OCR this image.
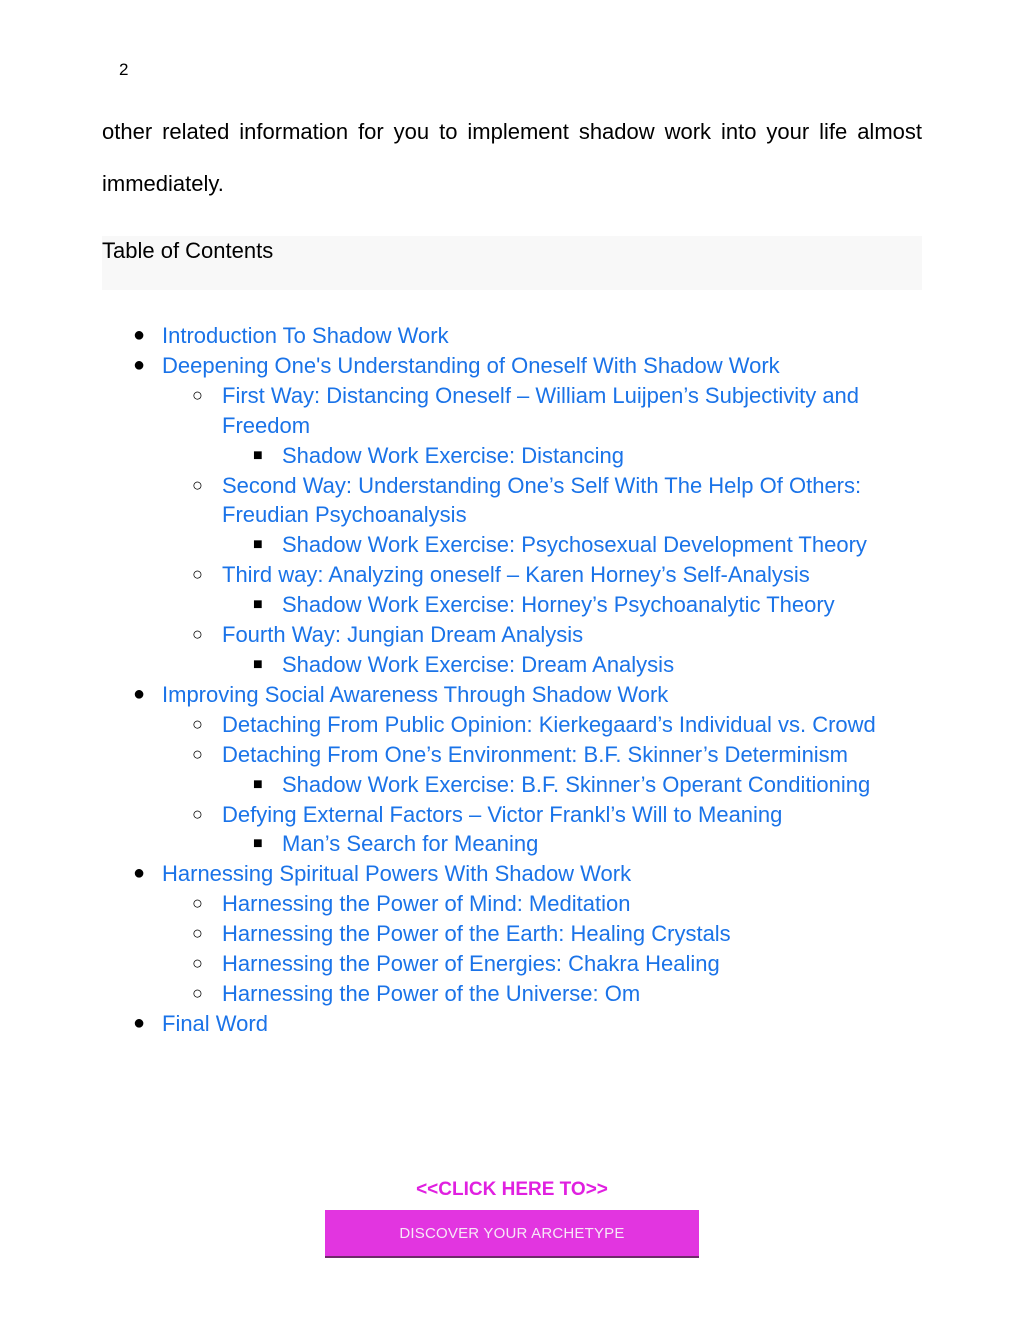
2

other related information for you to implement shadow work into your life almost immediately.

Table of Contents
● Introduction To Shadow Work
● Deepening One's Understanding of Oneself With Shadow Work
○ First Way: Distancing Oneself – William Luijpen’s Subjectivity and Freedom
■ Shadow Work Exercise: Distancing
○ Second Way: Understanding One’s Self With The Help Of Others: Freudian Psychoanalysis
■ Shadow Work Exercise: Psychosexual Development Theory
○ Third way: Analyzing oneself – Karen Horney’s Self-Analysis
■ Shadow Work Exercise: Horney’s Psychoanalytic Theory
○ Fourth Way: Jungian Dream Analysis
■ Shadow Work Exercise: Dream Analysis
● Improving Social Awareness Through Shadow Work
○ Detaching From Public Opinion: Kierkegaard’s Individual vs. Crowd
○ Detaching From One’s Environment: B.F. Skinner’s Determinism
■ Shadow Work Exercise: B.F. Skinner’s Operant Conditioning
○ Defying External Factors – Victor Frankl’s Will to Meaning
■ Man’s Search for Meaning
● Harnessing Spiritual Powers With Shadow Work
○ Harnessing the Power of Mind: Meditation
○ Harnessing the Power of the Earth: Healing Crystals
○ Harnessing the Power of Energies: Chakra Healing
○ Harnessing the Power of the Universe: Om
● Final Word
<<CLICK HERE TO>>
DISCOVER YOUR ARCHETYPE
